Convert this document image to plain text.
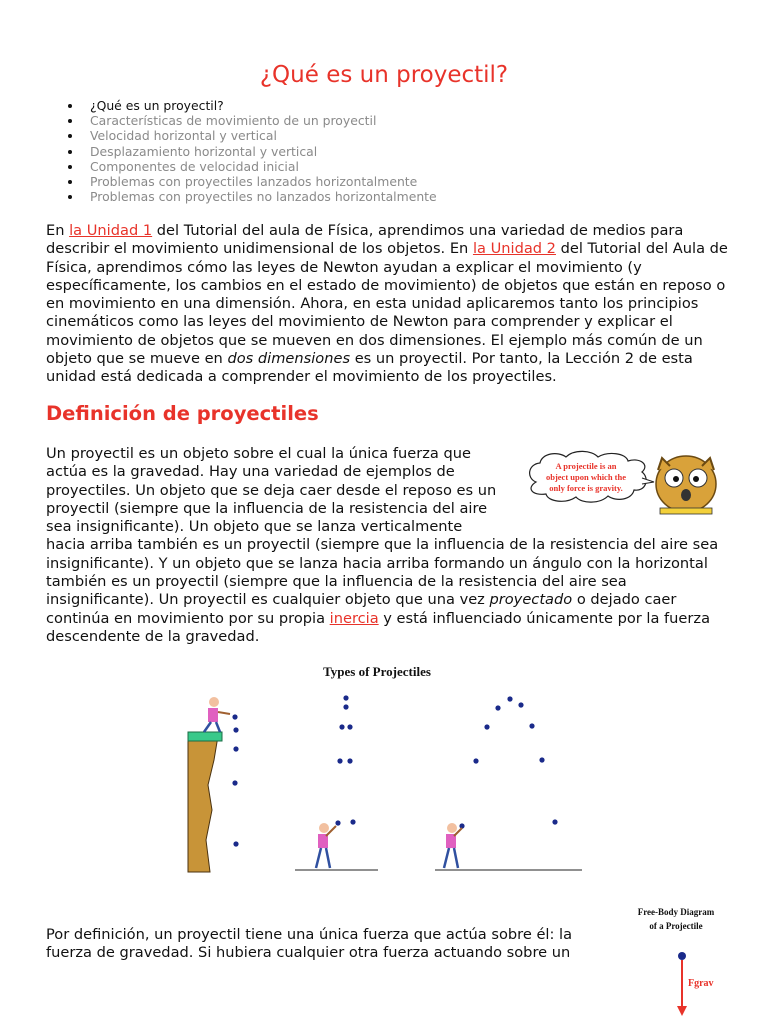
¿Qué es un proyectil?
¿Qué es un proyectil?
Características de movimiento de un proyectil
Velocidad horizontal y vertical
Desplazamiento horizontal y vertical
Componentes de velocidad inicial
Problemas con proyectiles lanzados horizontalmente
Problemas con proyectiles no lanzados horizontalmente

En la Unidad 1 del Tutorial del aula de Física, aprendimos una variedad de medios para describir el movimiento unidimensional de los objetos. En la Unidad 2 del Tutorial del Aula de Física, aprendimos cómo las leyes de Newton ayudan a explicar el movimiento (y específicamente, los cambios en el estado de movimiento) de objetos que están en reposo o en movimiento en una dimensión. Ahora, en esta unidad aplicaremos tanto los principios cinemáticos como las leyes del movimiento de Newton para comprender y explicar el movimiento de objetos que se mueven en dos dimensiones. El ejemplo más común de un objeto que se mueve en dos dimensiones es un proyectil. Por tanto, la Lección 2 de esta unidad está dedicada a comprender el movimiento de los proyectiles.

Definición de proyectiles

Un proyectil es un objeto sobre el cual la única fuerza que actúa es la gravedad. Hay una variedad de ejemplos de proyectiles. Un objeto que se deja caer desde el reposo es un proyectil (siempre que la influencia de la resistencia del aire sea insignificante). Un objeto que se lanza verticalmente hacia arriba también es un proyectil (siempre que la influencia de la resistencia del aire sea insignificante). Y un objeto que se lanza hacia arriba formando un ángulo con la horizontal también es un proyectil (siempre que la influencia de la resistencia del aire sea insignificante). Un proyectil es cualquier objeto que una vez proyectado o dejado caer continúa en movimiento por su propia inercia y está influenciado únicamente por la fuerza descendente de la gravedad.

A projectile is an
object upon which the
only force is gravity.
Types of Projectiles

Por definición, un proyectil tiene una única fuerza que actúa sobre él: la fuerza de gravedad. Si hubiera cualquier otra fuerza actuando sobre un

Free-Body Diagram
of a Projectile
Fgrav
